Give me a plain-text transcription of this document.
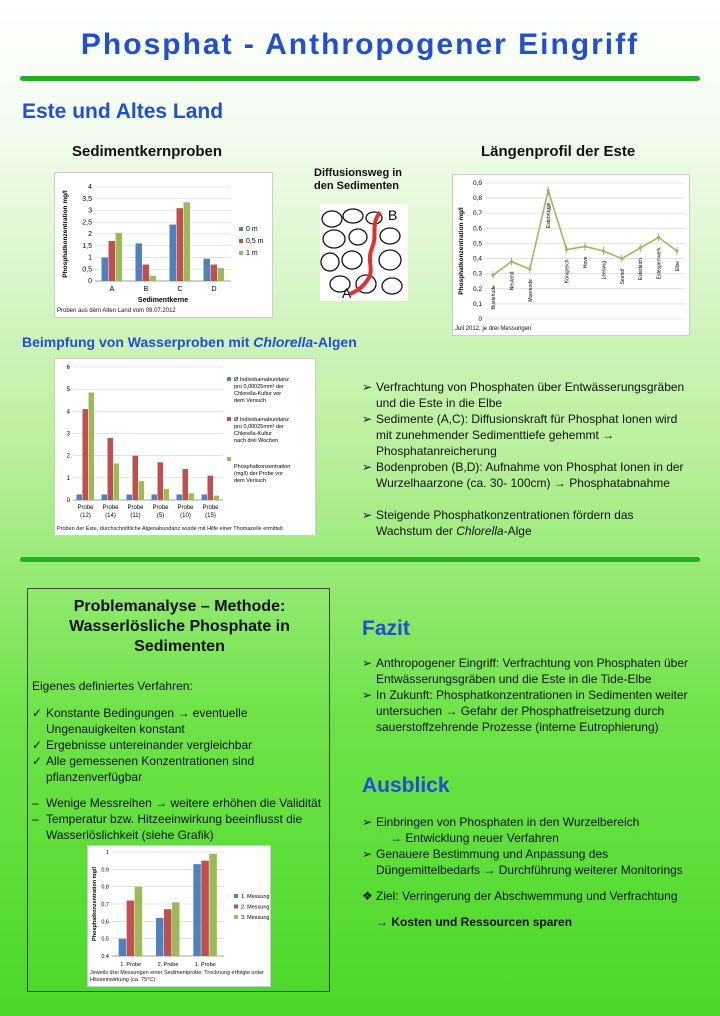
Phosphat - Anthropogener Eingriff
Este und Altes Land
Sedimentkernproben
0
0,5
1
1,5
2
2,5
3
3,5
4
A	B	C	D
0 m
0,5 m
1 m
Phosphatkonzentration mg/l
Sedimentkerne
Proben aus dem Alten Land vom 09.07.2012
Diffusionsweg in
den Sedimenten
B
A
Längenprofil der Este
0
0,1
0,2
0,3
0,4
0,5
0,6
0,7
0,8
0,9
Buxtehude
Neuland Moorende
Estebrügge
Königreich Hove Leeswig Seehof Estedeich Estesperrwerk Elbe
Phosphatkonzentration mg/l
Juli 2012, je drei Messungen
Beimpfung von Wasserproben mit Chlorella-Algen
0
1
2
3
4
5
6
Probe
(12)
Probe
(14)
Probe
(11)
Probe
(5)
Probe
(10)
Probe
(15)
Ø Individuenabundanz
pro 0,00025mm³ der
Chlorella-Kultur vor
dem Versuch
Ø Individuenabundanz
pro 0,00025mm³ der
Chlorella-Kultur
nach drei Wochen
Phosphatkonzentration
(mg/l) der Probe vor
dem Versuch
Proben der Este, durchschnittliche Algenabundanz wurde mit Hilfe einer Thomazelle ermittelt
➢ Verfrachtung von Phosphaten über Entwässerungsgräben und die Este in die Elbe
➢ Sedimente (A,C): Diffusionskraft für Phosphat Ionen wird mit zunehmender Sedimenttiefe gehemmt → Phosphatanreicherung
➢ Bodenproben (B,D): Aufnahme von Phosphat Ionen in der Wurzelhaarzone (ca. 30- 100cm) → Phosphatabnahme
➢ Steigende Phosphatkonzentrationen fördern das Wachstum der Chlorella-Alge
Problemanalyse – Methode: Wasserlösliche Phosphate in Sedimenten
Eigenes definiertes Verfahren:
✓ Konstante Bedingungen → eventuelle Ungenauigkeiten konstant
✓ Ergebnisse untereinander vergleichbar
✓ Alle gemessenen Konzentrationen sind pflanzenverfügbar
– Wenige Messreihen → weitere erhöhen die Validität
– Temperatur bzw. Hitzeeinwirkung beeinflusst die Wasserlöslichkeit (siehe Grafik)
0,4
0,5
0,6
0,7
0,8
0,9
1
1. Probe	2. Probe	1. Probe
1. Messung
2. Messung
3. Messung
Phosphatkonzentration mg/l
Jeweils drei Messungen einer Sedimentprobe; Trocknung erfolgte unter Hitzeeinwirkung (ca. 75°C)
Fazit
➢ Anthropogener Eingriff: Verfrachtung von Phosphaten über Entwässerungsgräben und die Este in die Tide-Elbe
➢ In Zukunft: Phosphatkonzentrationen in Sedimenten weiter untersuchen → Gefahr der Phosphatfreisetzung durch sauerstoffzehrende Prozesse (interne Eutrophierung)
Ausblick
➢ Einbringen von Phosphaten in den Wurzelbereich
→ Entwicklung neuer Verfahren
➢ Genauere Bestimmung und Anpassung des Düngemittelbedarfs → Durchführung weiterer Monitorings
❖ Ziel: Verringerung der Abschwemmung und Verfrachtung
→ Kosten und Ressourcen sparen
